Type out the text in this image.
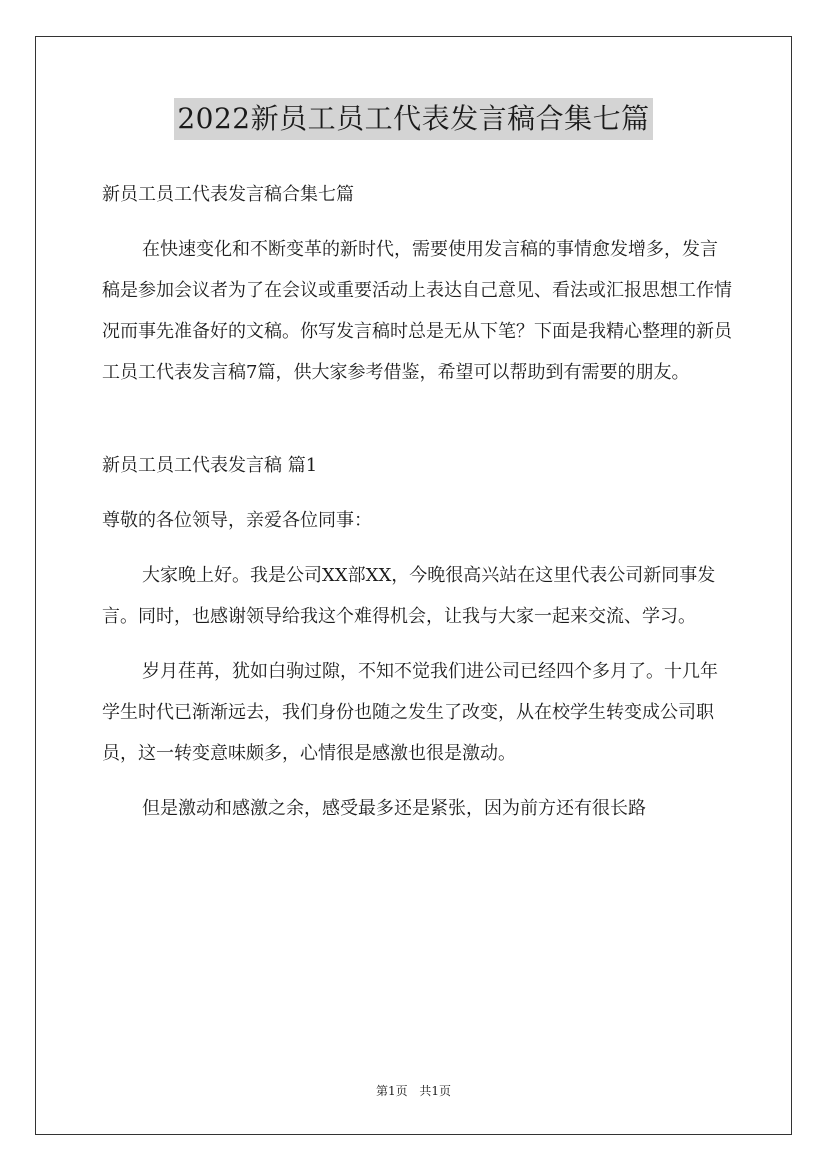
2022新员工员工代表发言稿合集七篇

新员工员工代表发言稿合集七篇

在快速变化和不断变革的新时代，需要使用发言稿的事情愈发增多，发言稿是参加会议者为了在会议或重要活动上表达自己意见、看法或汇报思想工作情况而事先准备好的文稿。你写发言稿时总是无从下笔？下面是我精心整理的新员工员工代表发言稿7篇，供大家参考借鉴，希望可以帮助到有需要的朋友。

新员工员工代表发言稿 篇1

尊敬的各位领导，亲爱各位同事：

大家晚上好。我是公司XX部XX，今晚很高兴站在这里代表公司新同事发言。同时，也感谢领导给我这个难得机会，让我与大家一起来交流、学习。

岁月荏苒，犹如白驹过隙，不知不觉我们进公司已经四个多月了。十几年学生时代已渐渐远去，我们身份也随之发生了改变，从在校学生转变成公司职员，这一转变意味颇多，心情很是感激也很是激动。

但是激动和感激之余，感受最多还是紧张，因为前方还有很长路

第1页 共1页
